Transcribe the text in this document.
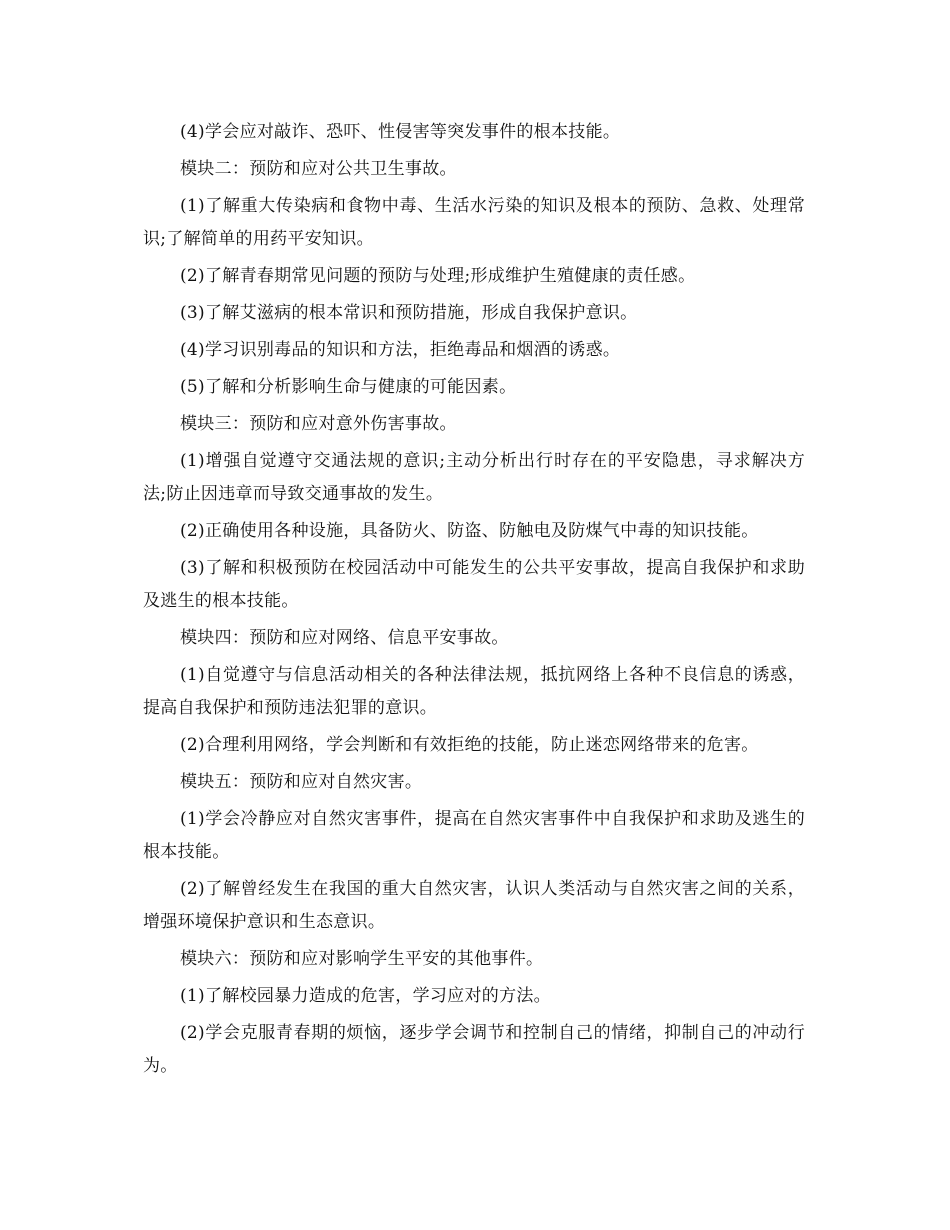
(4)学会应对敲诈、恐吓、性侵害等突发事件的根本技能。

模块二：预防和应对公共卫生事故。

(1)了解重大传染病和食物中毒、生活水污染的知识及根本的预防、急救、处理常识;了解简单的用药平安知识。

(2)了解青春期常见问题的预防与处理;形成维护生殖健康的责任感。

(3)了解艾滋病的根本常识和预防措施，形成自我保护意识。

(4)学习识别毒品的知识和方法，拒绝毒品和烟酒的诱惑。

(5)了解和分析影响生命与健康的可能因素。

模块三：预防和应对意外伤害事故。

(1)增强自觉遵守交通法规的意识;主动分析出行时存在的平安隐患，寻求解决方法;防止因违章而导致交通事故的发生。

(2)正确使用各种设施，具备防火、防盗、防触电及防煤气中毒的知识技能。

(3)了解和积极预防在校园活动中可能发生的公共平安事故，提高自我保护和求助及逃生的根本技能。

模块四：预防和应对网络、信息平安事故。

(1)自觉遵守与信息活动相关的各种法律法规，抵抗网络上各种不良信息的诱惑，提高自我保护和预防违法犯罪的意识。

(2)合理利用网络，学会判断和有效拒绝的技能，防止迷恋网络带来的危害。

模块五：预防和应对自然灾害。

(1)学会冷静应对自然灾害事件，提高在自然灾害事件中自我保护和求助及逃生的根本技能。

(2)了解曾经发生在我国的重大自然灾害，认识人类活动与自然灾害之间的关系，增强环境保护意识和生态意识。

模块六：预防和应对影响学生平安的其他事件。

(1)了解校园暴力造成的危害，学习应对的方法。

(2)学会克服青春期的烦恼，逐步学会调节和控制自己的情绪，抑制自己的冲动行为。
